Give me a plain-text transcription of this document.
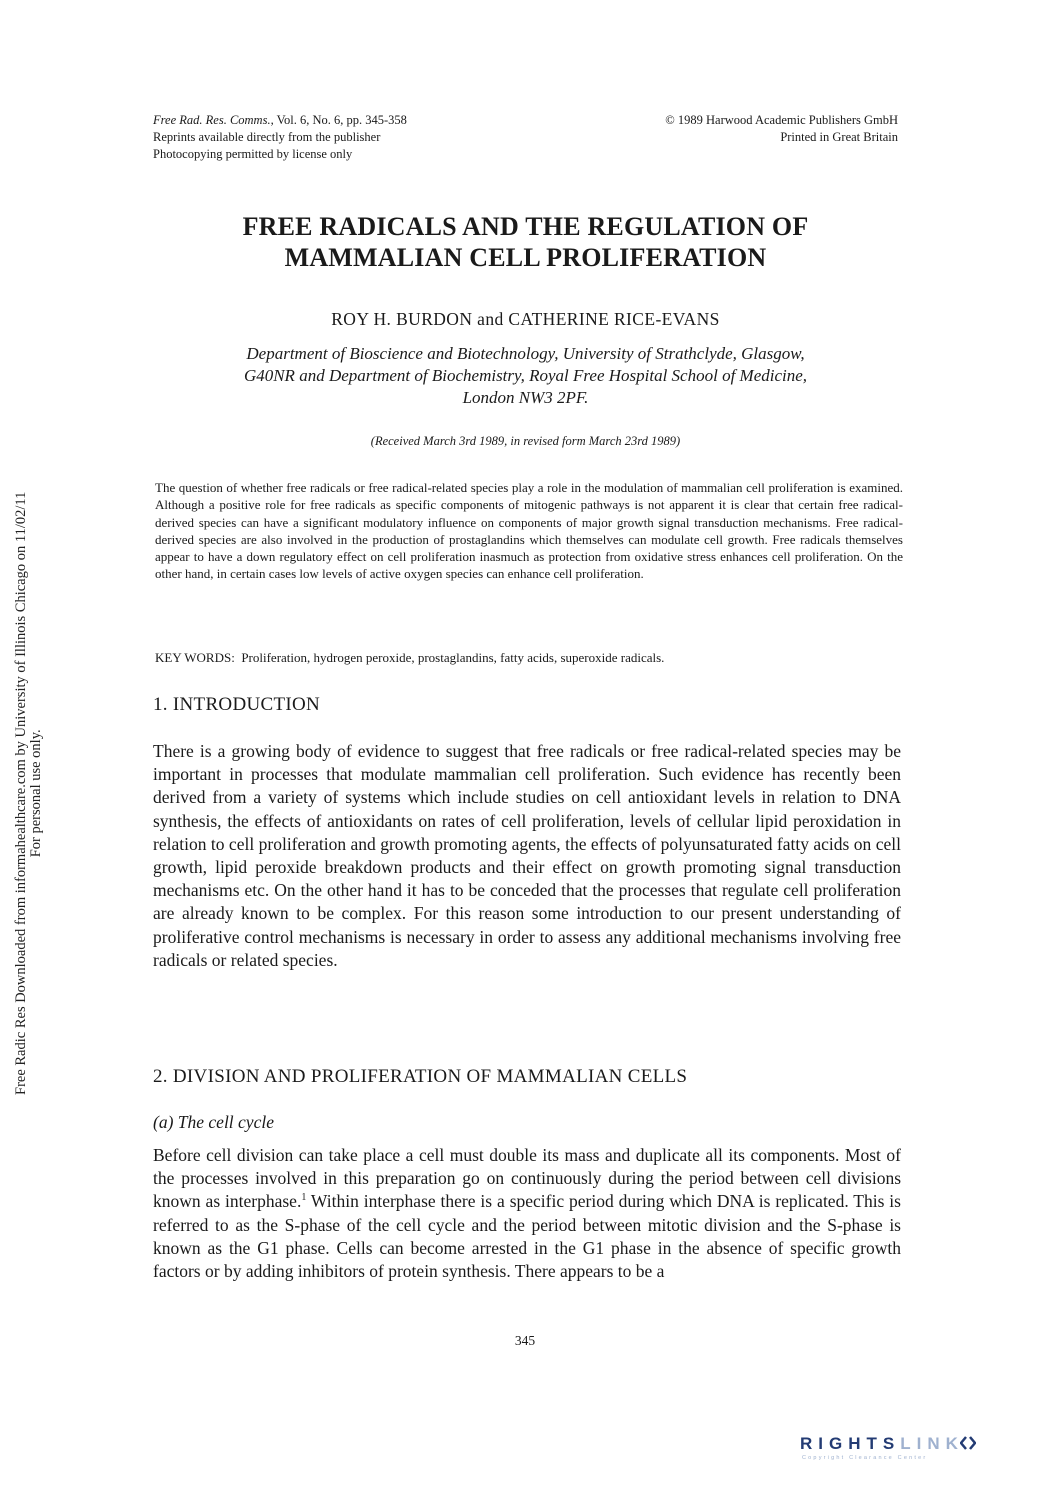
Free Rad. Res. Comms., Vol. 6, No. 6, pp. 345-358
Reprints available directly from the publisher
Photocopying permitted by license only
© 1989 Harwood Academic Publishers GmbH
Printed in Great Britain
FREE RADICALS AND THE REGULATION OF
MAMMALIAN CELL PROLIFERATION
ROY H. BURDON and CATHERINE RICE-EVANS
Department of Bioscience and Biotechnology, University of Strathclyde, Glasgow,
G40NR and Department of Biochemistry, Royal Free Hospital School of Medicine,
London NW3 2PF.
(Received March 3rd 1989, in revised form March 23rd 1989)

The question of whether free radicals or free radical-related species play a role in the modulation of mammalian cell proliferation is examined. Although a positive role for free radicals as specific components of mitogenic pathways is not apparent it is clear that certain free radical-derived species can have a significant modulatory influence on components of major growth signal transduction mechanisms. Free radical-derived species are also involved in the production of prostaglandins which themselves can modulate cell growth. Free radicals themselves appear to have a down regulatory effect on cell proliferation inasmuch as protection from oxidative stress enhances cell proliferation. On the other hand, in certain cases low levels of active oxygen species can enhance cell proliferation.

KEY WORDS: Proliferation, hydrogen peroxide, prostaglandins, fatty acids, superoxide radicals.
1. INTRODUCTION

There is a growing body of evidence to suggest that free radicals or free radical-related species may be important in processes that modulate mammalian cell proliferation. Such evidence has recently been derived from a variety of systems which include studies on cell antioxidant levels in relation to DNA synthesis, the effects of antioxidants on rates of cell proliferation, levels of cellular lipid peroxidation in relation to cell proliferation and growth promoting agents, the effects of polyunsaturated fatty acids on cell growth, lipid peroxide breakdown products and their effect on growth promoting signal transduction mechanisms etc. On the other hand it has to be conceded that the processes that regulate cell proliferation are already known to be complex. For this reason some introduction to our present understanding of proliferative control mechanisms is necessary in order to assess any additional mechanisms involving free radicals or related species.

2. DIVISION AND PROLIFERATION OF MAMMALIAN CELLS
(a) The cell cycle

Before cell division can take place a cell must double its mass and duplicate all its components. Most of the processes involved in this preparation go on continuously during the period between cell divisions known as interphase.$^1$ Within interphase there is a specific period during which DNA is replicated. This is referred to as the S-phase of the cell cycle and the period between mitotic division and the S-phase is known as the G1 phase. Cells can become arrested in the G1 phase in the absence of specific growth factors or by adding inhibitors of protein synthesis. There appears to be a

345
Free Radic Res Downloaded from informahealthcare.com by University of Illinois Chicago on 11/02/11 For personal use only.
RIGHTSLINK
Copyright Clearance Center
